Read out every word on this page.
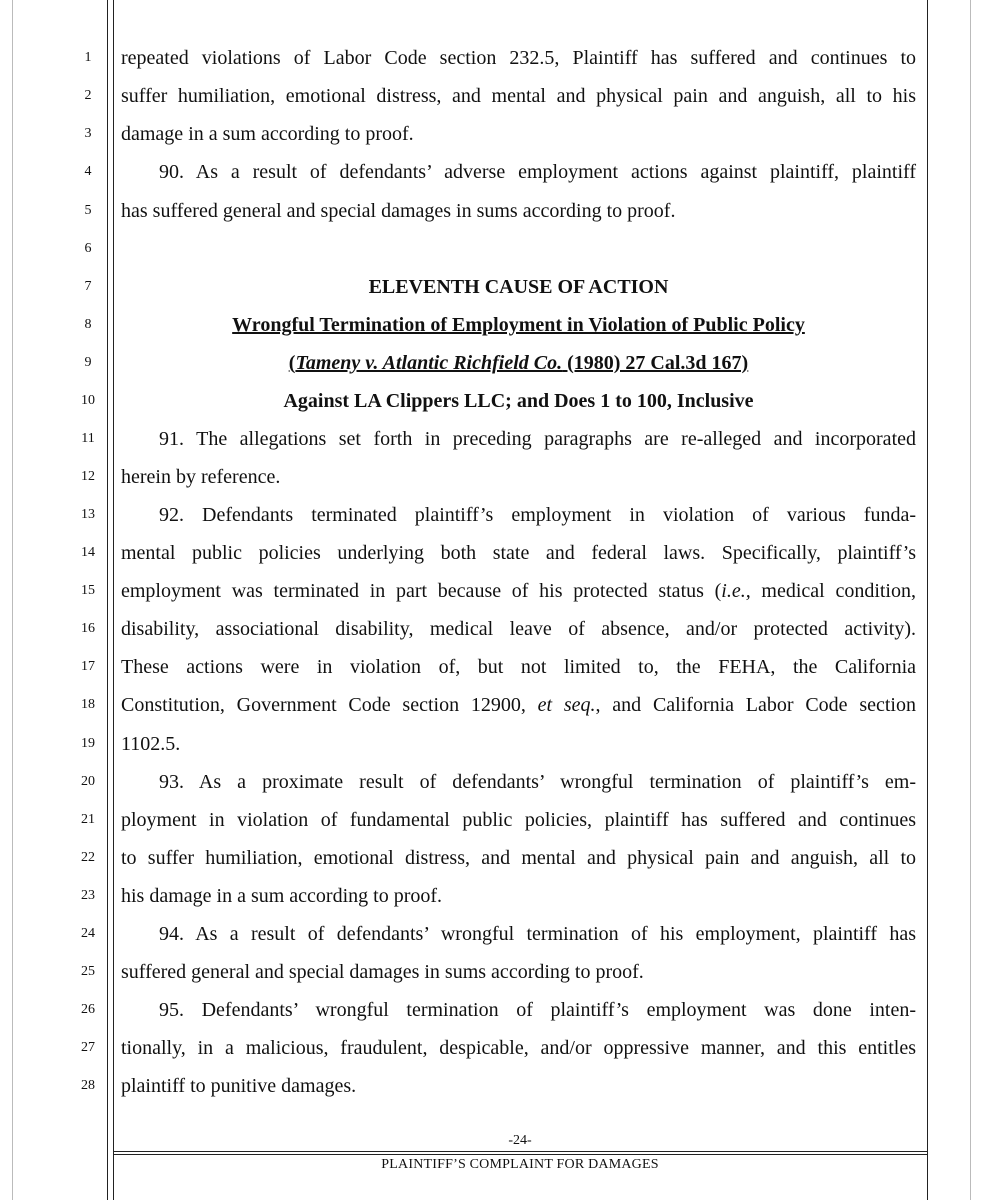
1
2
3
4
5
6
7
8
9
10
11
12
13
14
15
16
17
18
19
20
21
22
23
24
25
26
27
28
repeated violations of Labor Code section 232.5, Plaintiff has suffered and continues to
suffer humiliation, emotional distress, and mental and physical pain and anguish, all to his
damage in a sum according to proof.
90. As a result of defendants’ adverse employment actions against plaintiff, plaintiff
has suffered general and special damages in sums according to proof.
ELEVENTH CAUSE OF ACTION
Wrongful Termination of Employment in Violation of Public Policy
(Tameny v. Atlantic Richfield Co. (1980) 27 Cal.3d 167)
Against LA Clippers LLC; and Does 1 to 100, Inclusive
91. The allegations set forth in preceding paragraphs are re-alleged and incorporated
herein by reference.
92. Defendants terminated plaintiff’s employment in violation of various funda-
mental public policies underlying both state and federal laws. Specifically, plaintiff’s
employment was terminated in part because of his protected status (i.e., medical condition,
disability, associational disability, medical leave of absence, and/or protected activity).
These actions were in violation of, but not limited to, the FEHA, the California
Constitution, Government Code section 12900, et seq., and California Labor Code section
1102.5.
93. As a proximate result of defendants’ wrongful termination of plaintiff’s em-
ployment in violation of fundamental public policies, plaintiff has suffered and continues
to suffer humiliation, emotional distress, and mental and physical pain and anguish, all to
his damage in a sum according to proof.
94. As a result of defendants’ wrongful termination of his employment, plaintiff has
suffered general and special damages in sums according to proof.
95. Defendants’ wrongful termination of plaintiff’s employment was done inten-
tionally, in a malicious, fraudulent, despicable, and/or oppressive manner, and this entitles
plaintiff to punitive damages.
-24-
PLAINTIFF’S COMPLAINT FOR DAMAGES
